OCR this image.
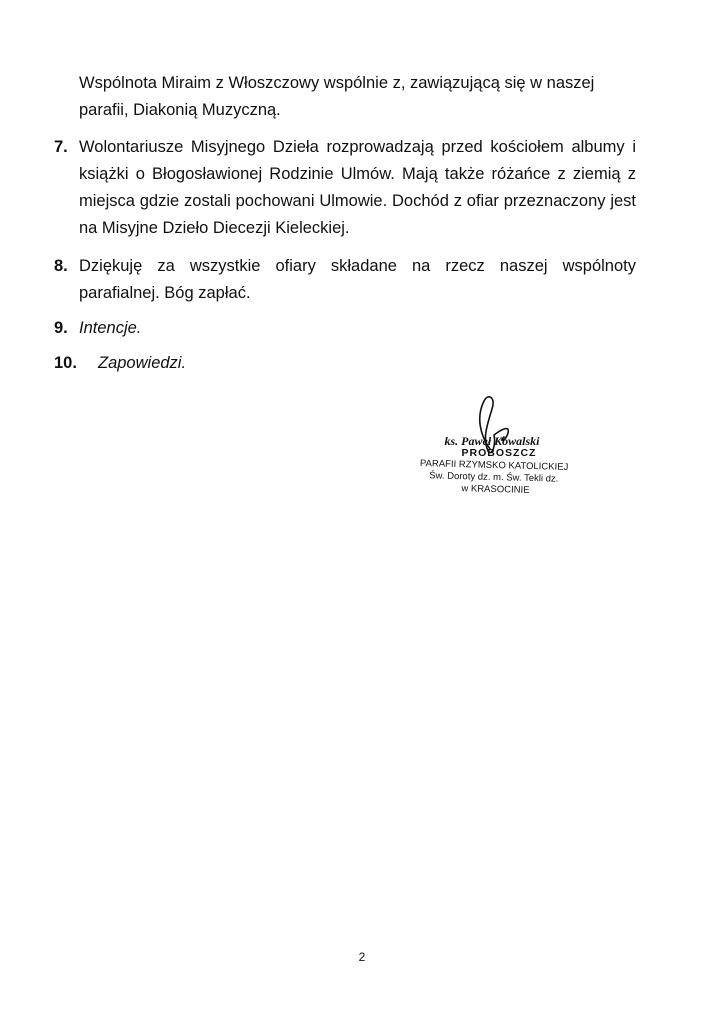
Wspólnota Miraim z Włoszczowy wspólnie z, zawiązującą się w naszej
parafii, Diakonią Muzyczną.
7. Wolontariusze Misyjnego Dzieła rozprowadzają przed kościołem albumy i książki o Błogosławionej Rodzinie Ulmów. Mają także różańce z ziemią z miejsca gdzie zostali pochowani Ulmowie. Dochód z ofiar przeznaczony jest na Misyjne Dzieło Diecezji Kieleckiej.
8. Dziękuję za wszystkie ofiary składane na rzecz naszej wspólnoty parafialnej. Bóg zapłać.
9. Intencje.
10. Zapowiedzi.
ks. Paweł Kowalski
PROBOSZCZ
PARAFII RZYMSKO KATOLICKIEJ
Św. Doroty dz. m. Św. Tekli dz.
w KRASOCINIE
2
